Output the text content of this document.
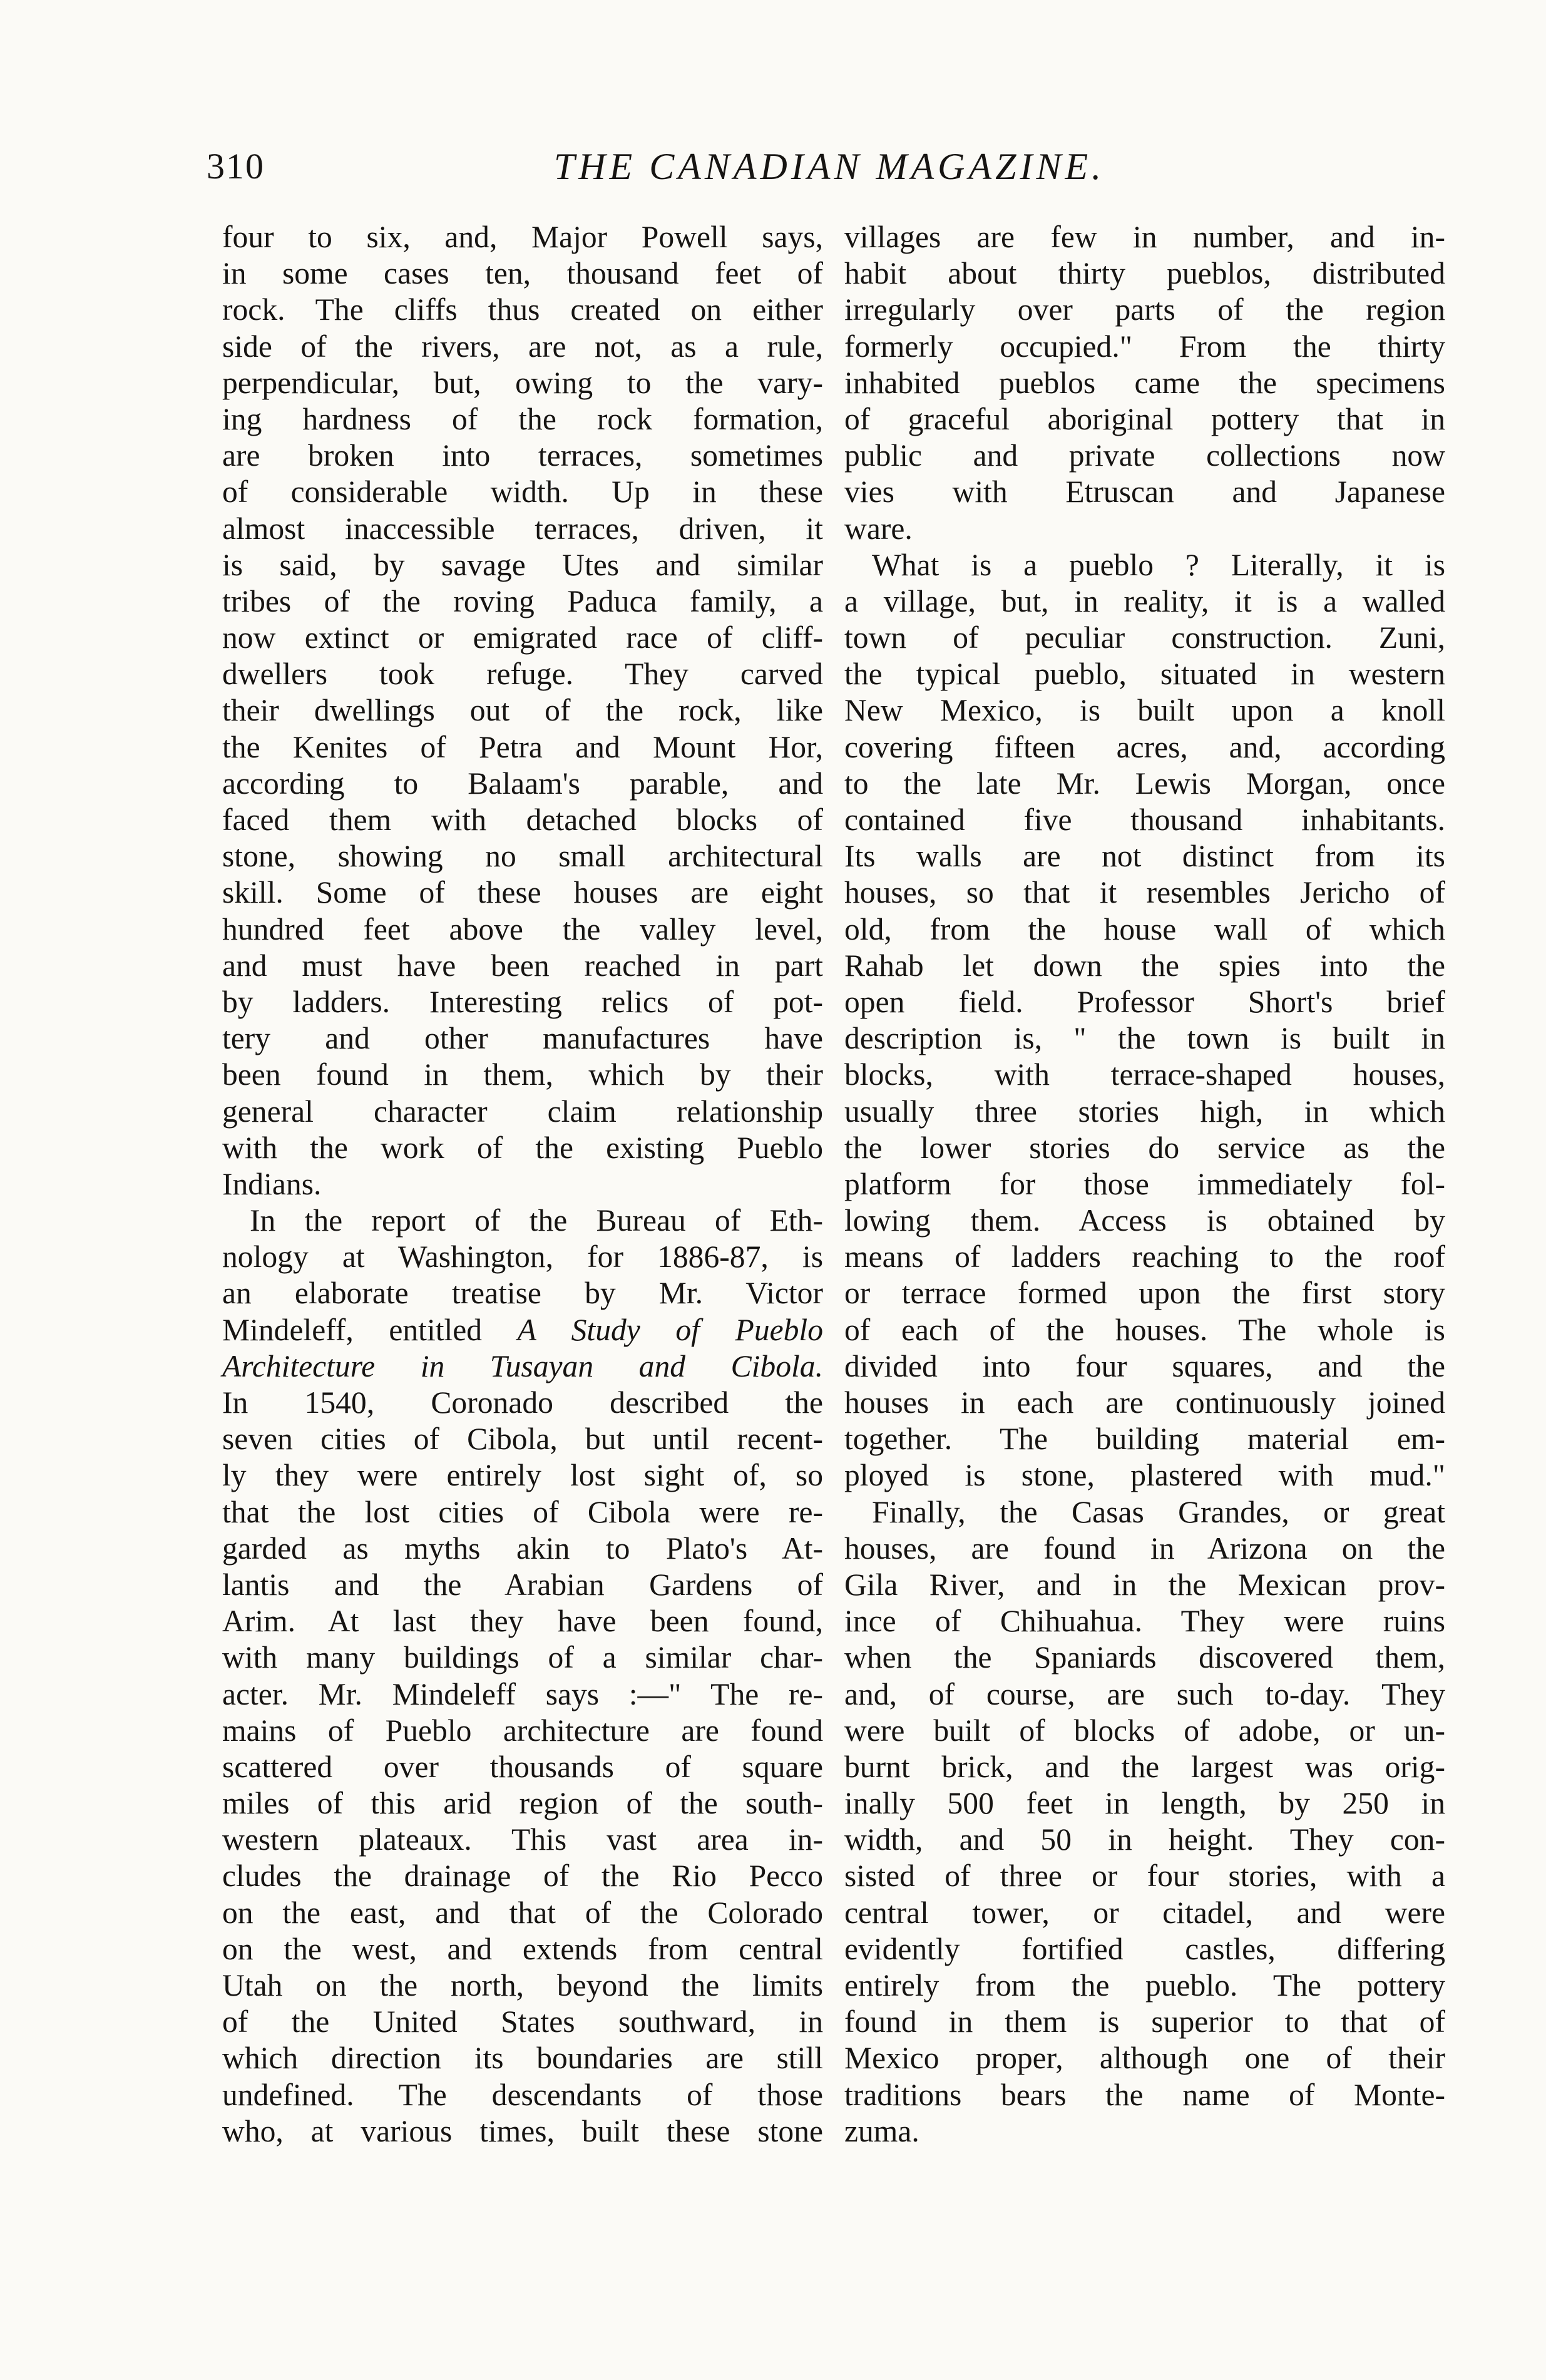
310	THE CANADIAN MAGAZINE.
four to six, and, Major Powell says,
in some cases ten, thousand feet of
rock. The cliffs thus created on either
side of the rivers, are not, as a rule,
perpendicular, but, owing to the vary-
ing hardness of the rock formation,
are broken into terraces, sometimes
of considerable width. Up in these
almost inaccessible terraces, driven, it
is said, by savage Utes and similar
tribes of the roving Paduca family, a
now extinct or emigrated race of cliff-
dwellers took refuge. They carved
their dwellings out of the rock, like
the Kenites of Petra and Mount Hor,
according to Balaam's parable, and
faced them with detached blocks of
stone, showing no small architectural
skill. Some of these houses are eight
hundred feet above the valley level,
and must have been reached in part
by ladders. Interesting relics of pot-
tery and other manufactures have
been found in them, which by their
general character claim relationship
with the work of the existing Pueblo
Indians.
In the report of the Bureau of Eth-
nology at Washington, for 1886-87, is
an elaborate treatise by Mr. Victor
Mindeleff, entitled A Study of Pueblo
Architecture in Tusayan and Cibola.
In 1540, Coronado described the
seven cities of Cibola, but until recent-
ly they were entirely lost sight of, so
that the lost cities of Cibola were re-
garded as myths akin to Plato's At-
lantis and the Arabian Gardens of
Arim. At last they have been found,
with many buildings of a similar char-
acter. Mr. Mindeleff says :—" The re-
mains of Pueblo architecture are found
scattered over thousands of square
miles of this arid region of the south-
western plateaux. This vast area in-
cludes the drainage of the Rio Pecco
on the east, and that of the Colorado
on the west, and extends from central
Utah on the north, beyond the limits
of the United States southward, in
which direction its boundaries are still
undefined. The descendants of those
who, at various times, built these stone
villages are few in number, and in-
habit about thirty pueblos, distributed
irregularly over parts of the region
formerly occupied." From the thirty
inhabited pueblos came the specimens
of graceful aboriginal pottery that in
public and private collections now
vies with Etruscan and Japanese
ware.
What is a pueblo ? Literally, it is
a village, but, in reality, it is a walled
town of peculiar construction. Zuni,
the typical pueblo, situated in western
New Mexico, is built upon a knoll
covering fifteen acres, and, according
to the late Mr. Lewis Morgan, once
contained five thousand inhabitants.
Its walls are not distinct from its
houses, so that it resembles Jericho of
old, from the house wall of which
Rahab let down the spies into the
open field. Professor Short's brief
description is, " the town is built in
blocks, with terrace-shaped houses,
usually three stories high, in which
the lower stories do service as the
platform for those immediately fol-
lowing them. Access is obtained by
means of ladders reaching to the roof
or terrace formed upon the first story
of each of the houses. The whole is
divided into four squares, and the
houses in each are continuously joined
together. The building material em-
ployed is stone, plastered with mud."
Finally, the Casas Grandes, or great
houses, are found in Arizona on the
Gila River, and in the Mexican prov-
ince of Chihuahua. They were ruins
when the Spaniards discovered them,
and, of course, are such to-day. They
were built of blocks of adobe, or un-
burnt brick, and the largest was orig-
inally 500 feet in length, by 250 in
width, and 50 in height. They con-
sisted of three or four stories, with a
central tower, or citadel, and were
evidently fortified castles, differing
entirely from the pueblo. The pottery
found in them is superior to that of
Mexico proper, although one of their
traditions bears the name of Monte-
zuma.
